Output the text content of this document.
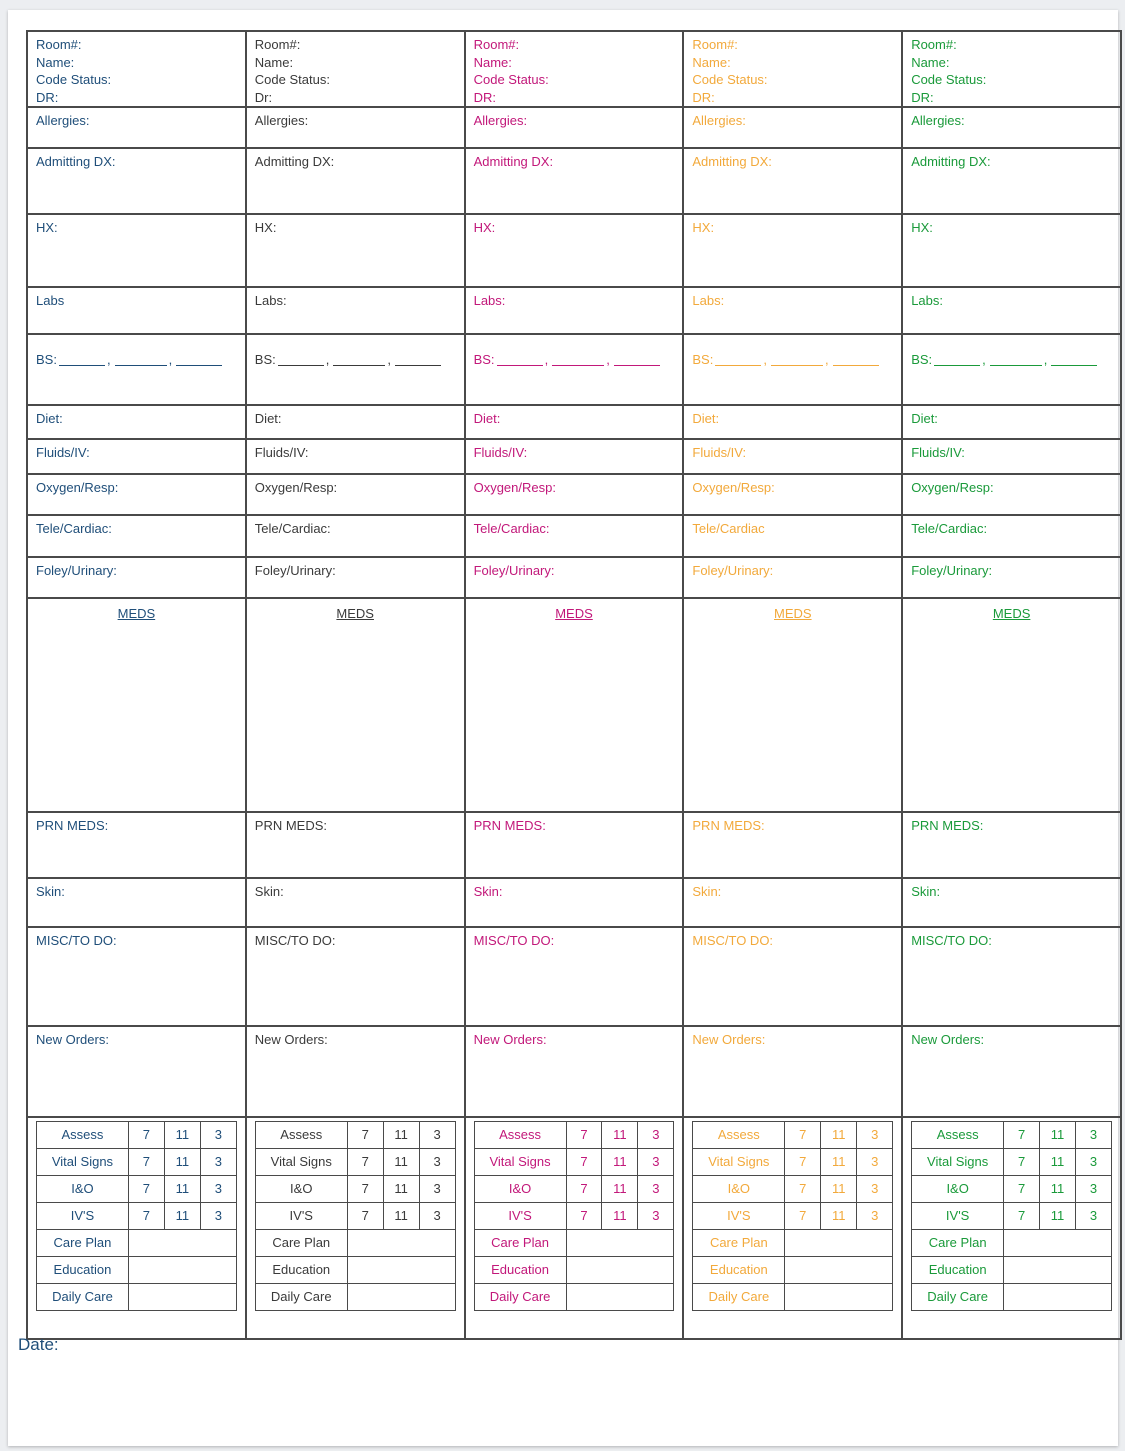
Room#:
Name:
Code Status:
DR:
Allergies:
Admitting DX:
HX:
Labs
BS:	,	,
Diet:
Fluids/IV:
Oxygen/Resp:
Tele/Cardiac:
Foley/Urinary:
MEDS
PRN MEDS:
Skin:
MISC/TO DO:
New Orders:
Assess	7	11	3
Vital Signs	7	11	3
I&O	7	11	3
IV'S	7	11	3
Care Plan			
Education			
Daily Care			
Room#:
Name:
Code Status:
Dr:
Allergies:
Admitting DX:
HX:
Labs:
BS:	,	,
Diet:
Fluids/IV:
Oxygen/Resp:
Tele/Cardiac:
Foley/Urinary:
MEDS
PRN MEDS:
Skin:
MISC/TO DO:
New Orders:
Assess	7	11	3
Vital Signs	7	11	3
I&O	7	11	3
IV'S	7	11	3
Care Plan			
Education			
Daily Care			
Room#:
Name:
Code Status:
DR:
Allergies:
Admitting DX:
HX:
Labs:
BS:	,	,
Diet:
Fluids/IV:
Oxygen/Resp:
Tele/Cardiac:
Foley/Urinary:
MEDS
PRN MEDS:
Skin:
MISC/TO DO:
New Orders:
Assess	7	11	3
Vital Signs	7	11	3
I&O	7	11	3
IV'S	7	11	3
Care Plan			
Education			
Daily Care			
Room#:
Name:
Code Status:
DR:
Allergies:
Admitting DX:
HX:
Labs:
BS:	,	,
Diet:
Fluids/IV:
Oxygen/Resp:
Tele/Cardiac
Foley/Urinary:
MEDS
PRN MEDS:
Skin:
MISC/TO DO:
New Orders:
Assess	7	11	3
Vital Signs	7	11	3
I&O	7	11	3
IV'S	7	11	3
Care Plan			
Education			
Daily Care			
Room#:
Name:
Code Status:
DR:
Allergies:
Admitting DX:
HX:
Labs:
BS:	,	,
Diet:
Fluids/IV:
Oxygen/Resp:
Tele/Cardiac:
Foley/Urinary:
MEDS
PRN MEDS:
Skin:
MISC/TO DO:
New Orders:
Assess	7	11	3
Vital Signs	7	11	3
I&O	7	11	3
IV'S	7	11	3
Care Plan			
Education			
Daily Care			
Date:
